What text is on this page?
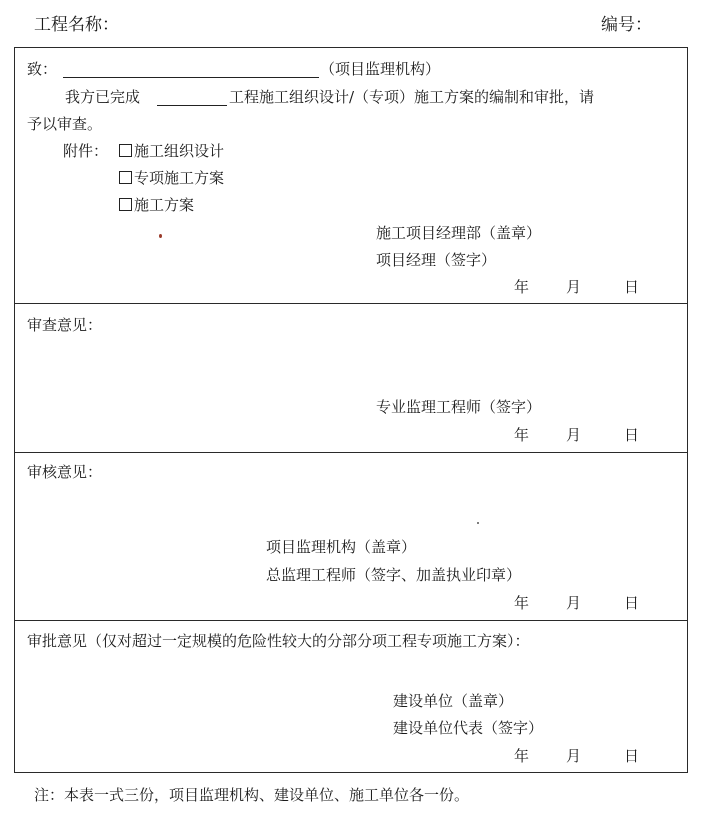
工程名称：	编号：
致：	（项目监理机构）
我方已完成	工程施工组织设计/（专项）施工方案的编制和审批，请
予以审查。
附件：	施工组织设计
专项施工方案
施工方案
施工项目经理部（盖章）
项目经理（签字）
年 月	日
审查意见：
专业监理工程师（签字）
年 月	日
审核意见：
项目监理机构（盖章）
总监理工程师（签字、加盖执业印章）
年 月	日
审批意见（仅对超过一定规模的危险性较大的分部分项工程专项施工方案）：
建设单位（盖章）
建设单位代表（签字）
年 月	日
注：本表一式三份，项目监理机构、建设单位、施工单位各一份。
